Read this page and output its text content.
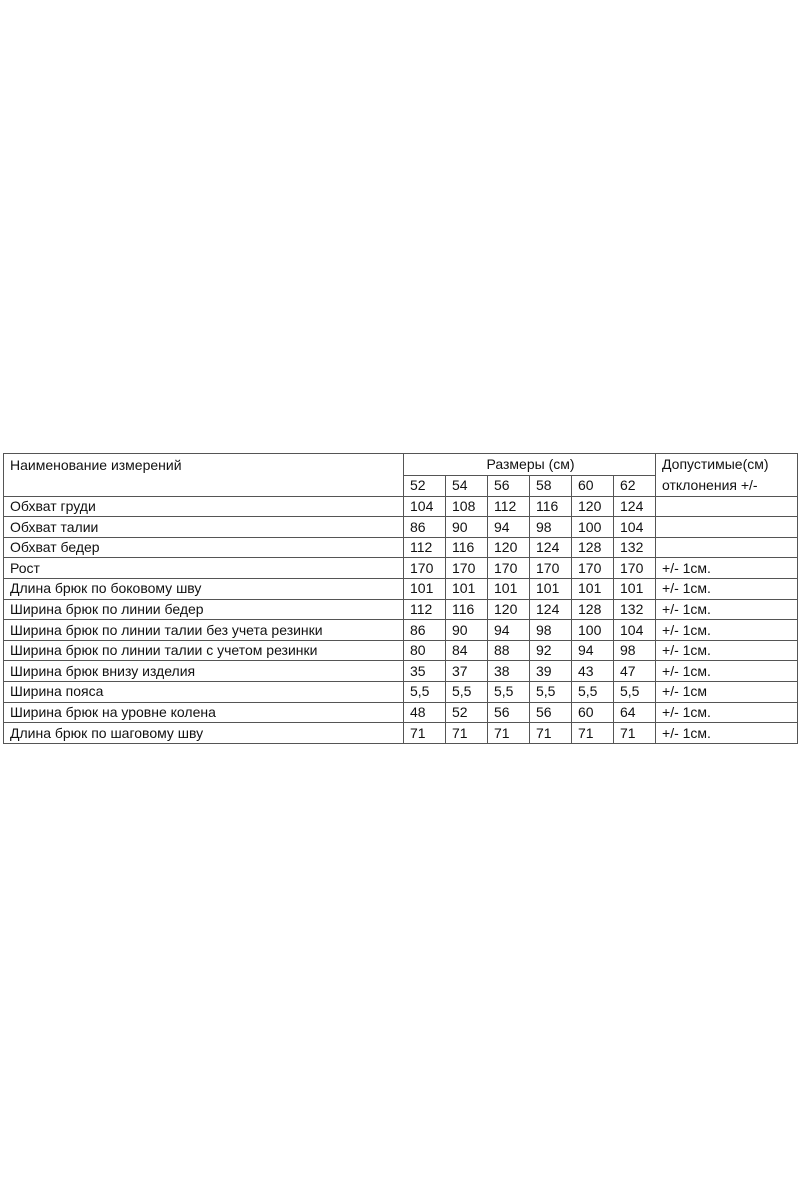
Наименование измерений	Размеры (см)						Допустимые(см)
	52	54	56	58	60	62	отклонения +/-
Обхват груди	104	108	112	116	120	124	
Обхват талии	86	90	94	98	100	104	
Обхват бедер	112	116	120	124	128	132	
Рост	170	170	170	170	170	170	+/- 1см.
Длина брюк по боковому шву	101	101	101	101	101	101	+/- 1см.
Ширина брюк по линии бедер	112	116	120	124	128	132	+/- 1см.
Ширина брюк по линии талии без учета резинки	86	90	94	98	100	104	+/- 1см.
Ширина брюк по линии талии с учетом резинки	80	84	88	92	94	98	+/- 1см.
Ширина брюк внизу изделия	35	37	38	39	43	47	+/- 1см.
Ширина пояса	5,5	5,5	5,5	5,5	5,5	5,5	+/- 1см
Ширина брюк на уровне колена	48	52	56	56	60	64	+/- 1см.
Длина брюк по шаговому шву	71	71	71	71	71	71	+/- 1см.
